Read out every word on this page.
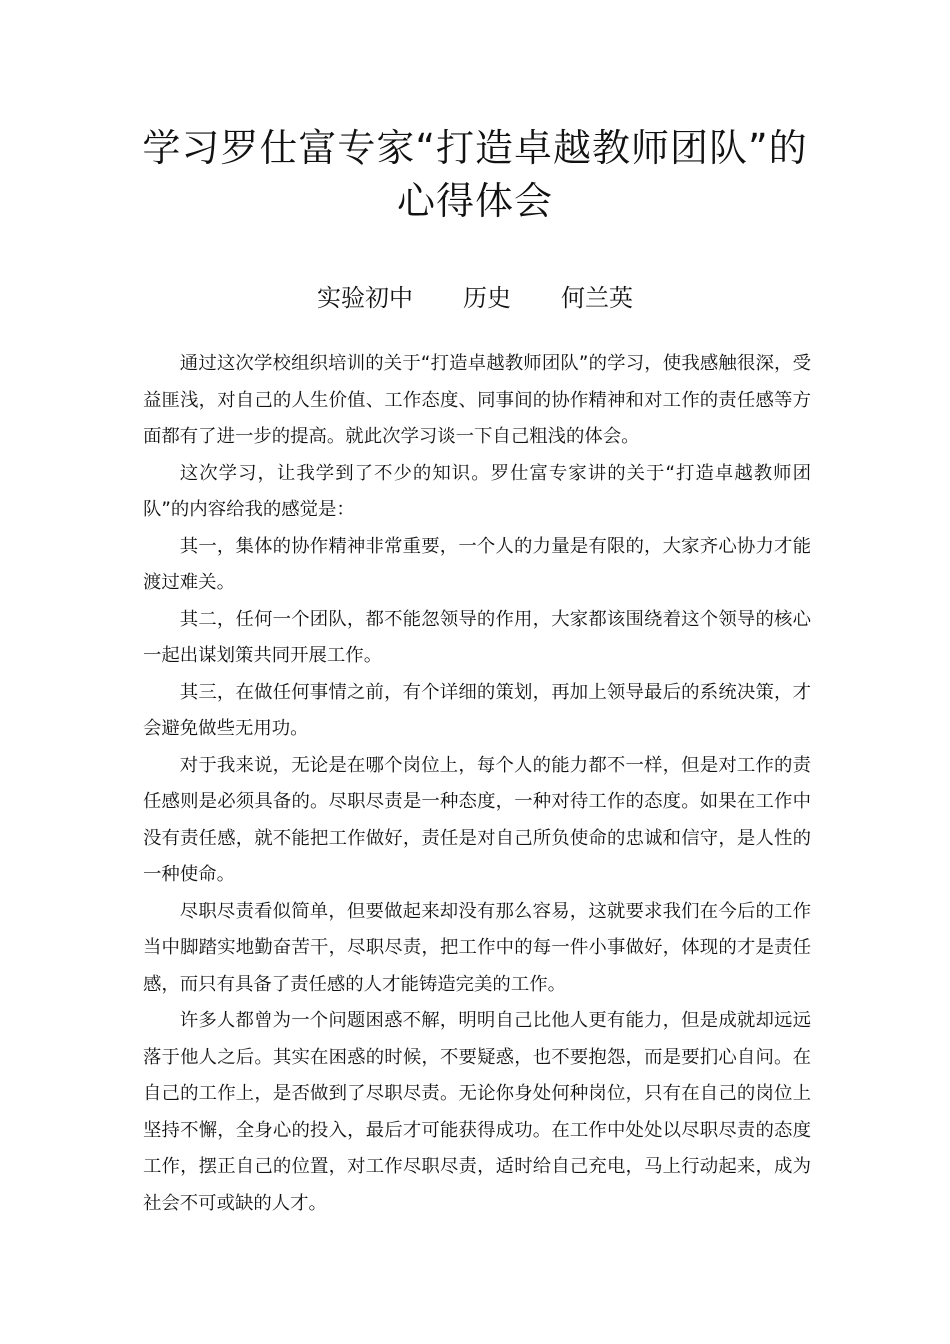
学习罗仕富专家“打造卓越教师团队”的
心得体会
实验初中 历史 何兰英

通过这次学校组织培训的关于“打造卓越教师团队”的学习，使我感触很深，受益匪浅，对自己的人生价值、工作态度、同事间的协作精神和对工作的责任感等方面都有了进一步的提高。就此次学习谈一下自己粗浅的体会。

这次学习，让我学到了不少的知识。罗仕富专家讲的关于“打造卓越教师团队”的内容给我的感觉是：

其一，集体的协作精神非常重要，一个人的力量是有限的，大家齐心协力才能渡过难关。

其二，任何一个团队，都不能忽领导的作用，大家都该围绕着这个领导的核心一起出谋划策共同开展工作。

其三，在做任何事情之前，有个详细的策划，再加上领导最后的系统决策，才会避免做些无用功。

对于我来说，无论是在哪个岗位上，每个人的能力都不一样，但是对工作的责任感则是必须具备的。尽职尽责是一种态度，一种对待工作的态度。如果在工作中没有责任感，就不能把工作做好，责任是对自己所负使命的忠诚和信守，是人性的一种使命。

尽职尽责看似简单，但要做起来却没有那么容易，这就要求我们在今后的工作当中脚踏实地勤奋苦干，尽职尽责，把工作中的每一件小事做好，体现的才是责任感，而只有具备了责任感的人才能铸造完美的工作。

许多人都曾为一个问题困惑不解，明明自己比他人更有能力，但是成就却远远落于他人之后。其实在困惑的时候，不要疑惑，也不要抱怨，而是要扪心自问。在自己的工作上，是否做到了尽职尽责。无论你身处何种岗位，只有在自己的岗位上坚持不懈，全身心的投入，最后才可能获得成功。在工作中处处以尽职尽责的态度工作，摆正自己的位置，对工作尽职尽责，适时给自己充电，马上行动起来，成为社会不可或缺的人才。
